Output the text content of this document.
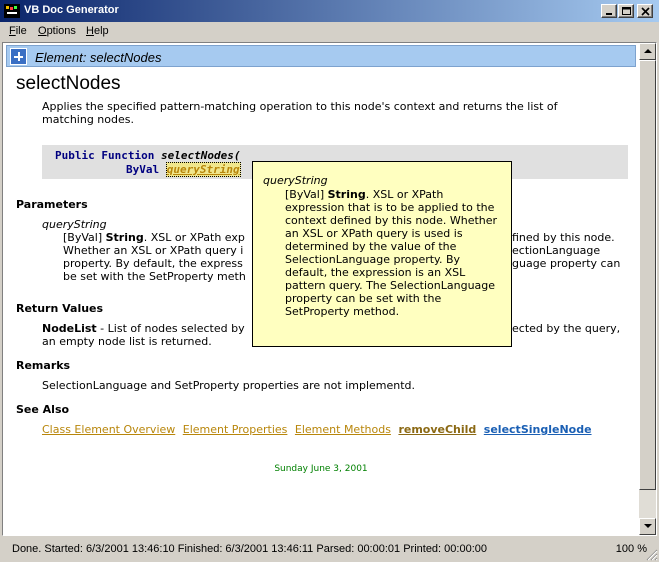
VB Doc Generator
File Options Help
Element: selectNodes
selectNodes
Applies the specified pattern-matching operation to this node's context and returns the list of matching nodes.
Public Function selectNodes(
ByVal queryString
Parameters
queryString
[ByVal] String. XSL or XPath exp	fined by this node.
Whether an XSL or XPath query i	ectionLanguage
property. By default, the express	guage property can
be set with the SetProperty meth
Return Values
NodeList - List of nodes selected by	ected by the query,
an empty node list is returned.
Remarks
SelectionLanguage and SetProperty properties are not implementd.
See Also
Class Element Overview Element Properties Element Methods removeChild selectSingleNode
Sunday June 3, 2001
queryString
[ByVal] String. XSL or XPath expression that is to be applied to the context defined by this node. Whether an XSL or XPath query is used is determined by the value of the SelectionLanguage property. By default, the expression is an XSL pattern query. The SelectionLanguage property can be set with the SetProperty method.
Done. Started: 6/3/2001 13:46:10 Finished: 6/3/2001 13:46:11 Parsed: 00:00:01 Printed: 00:00:00	100 %
